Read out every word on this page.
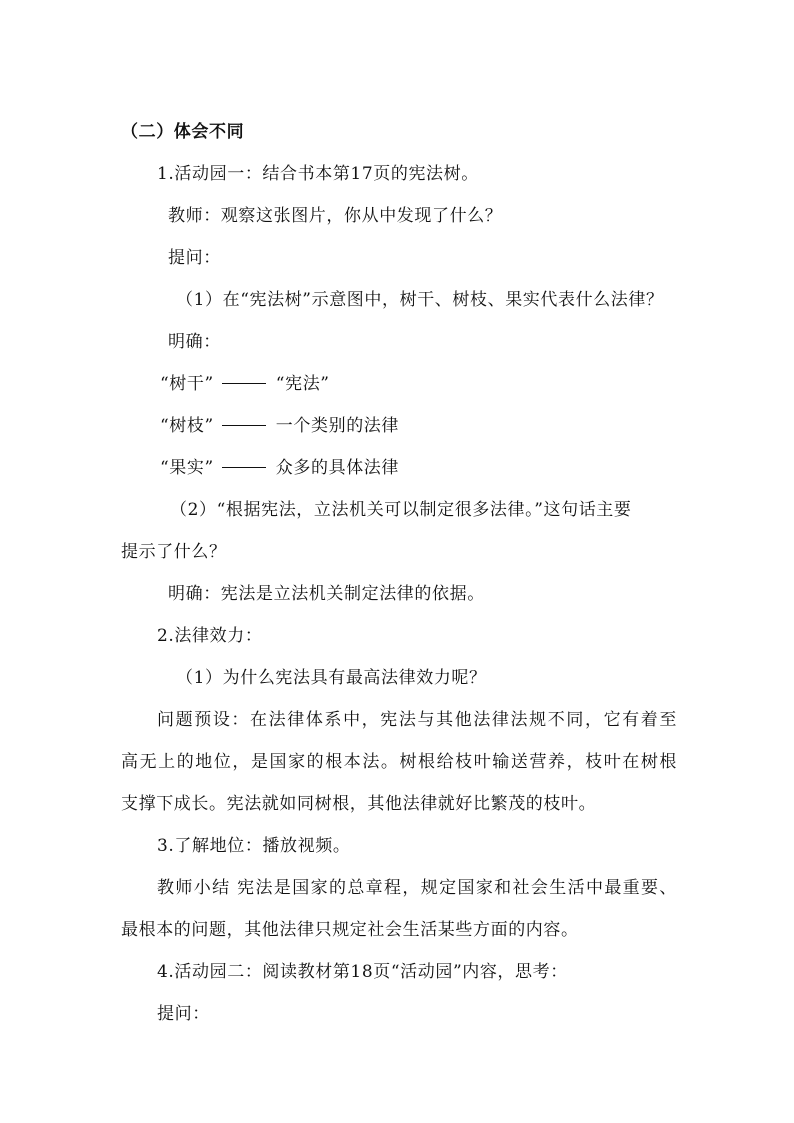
（二）体会不同
1.活动园一：结合书本第17页的宪法树。
教师：观察这张图片，你从中发现了什么？
提问：
（1）在“宪法树”示意图中，树干、树枝、果实代表什么法律？
明确：
“树干”	“宪法”
“树枝”	一个类别的法律
“果实”	众多的具体法律
（2）“根据宪法，立法机关可以制定很多法律。”这句话主要
提示了什么？
明确：宪法是立法机关制定法律的依据。
2.法律效力：
（1）为什么宪法具有最高法律效力呢？
问题预设：在法律体系中，宪法与其他法律法规不同，它有着至
高无上的地位，是国家的根本法。树根给枝叶输送营养，枝叶在树根
支撑下成长。宪法就如同树根，其他法律就好比繁茂的枝叶。
3.了解地位：播放视频。
教师小结 宪法是国家的总章程，规定国家和社会生活中最重要、
最根本的问题，其他法律只规定社会生活某些方面的内容。
4.活动园二：阅读教材第18页“活动园”内容，思考：
提问：
